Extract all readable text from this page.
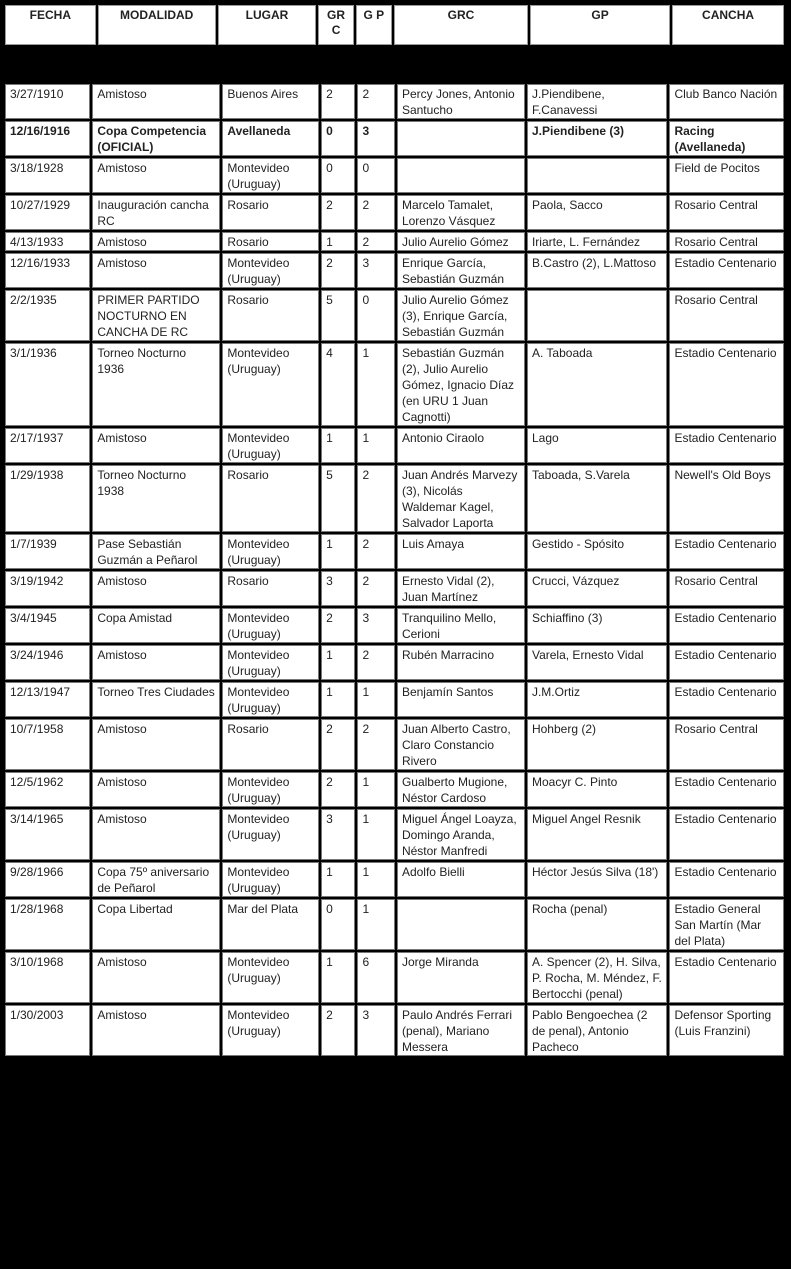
FECHA	MODALIDAD	LUGAR	GR C	G P	GRC	GP	CANCHA
3/27/1910	Amistoso	Buenos Aires	2	2	Percy Jones, Antonio Santucho	J.Piendibene, F.Canavessi	Club Banco Nación
12/16/1916	Copa Competencia (OFICIAL)	Avellaneda	0	3		J.Piendibene (3)	Racing (Avellaneda)
3/18/1928	Amistoso	Montevideo (Uruguay)	0	0			Field de Pocitos
10/27/1929	Inauguración cancha RC	Rosario	2	2	Marcelo Tamalet, Lorenzo Vásquez	Paola, Sacco	Rosario Central
4/13/1933	Amistoso	Rosario	1	2	Julio Aurelio Gómez	Iriarte, L. Fernández	Rosario Central
12/16/1933	Amistoso	Montevideo (Uruguay)	2	3	Enrique García, Sebastián Guzmán	B.Castro (2), L.Mattoso	Estadio Centenario
2/2/1935	PRIMER PARTIDO NOCTURNO EN CANCHA DE RC	Rosario	5	0	Julio Aurelio Gómez (3), Enrique García, Sebastián Guzmán		Rosario Central
3/1/1936	Torneo Nocturno 1936	Montevideo (Uruguay)	4	1	Sebastián Guzmán (2), Julio Aurelio Gómez, Ignacio Díaz (en URU 1 Juan Cagnotti)	A. Taboada	Estadio Centenario
2/17/1937	Amistoso	Montevideo (Uruguay)	1	1	Antonio Ciraolo	Lago	Estadio Centenario
1/29/1938	Torneo Nocturno 1938	Rosario	5	2	Juan Andrés Marvezy (3), Nicolás Waldemar Kagel, Salvador Laporta	Taboada, S.Varela	Newell's Old Boys
1/7/1939	Pase Sebastián Guzmán a Peñarol	Montevideo (Uruguay)	1	2	Luis Amaya	Gestido - Spósito	Estadio Centenario
3/19/1942	Amistoso	Rosario	3	2	Ernesto Vidal (2), Juan Martínez	Crucci, Vázquez	Rosario Central
3/4/1945	Copa Amistad	Montevideo (Uruguay)	2	3	Tranquilino Mello, Cerioni	Schiaffino (3)	Estadio Centenario
3/24/1946	Amistoso	Montevideo (Uruguay)	1	2	Rubén Marracino	Varela, Ernesto Vidal	Estadio Centenario
12/13/1947	Torneo Tres Ciudades	Montevideo (Uruguay)	1	1	Benjamín Santos	J.M.Ortiz	Estadio Centenario
10/7/1958	Amistoso	Rosario	2	2	Juan Alberto Castro, Claro Constancio Rivero	Hohberg (2)	Rosario Central
12/5/1962	Amistoso	Montevideo (Uruguay)	2	1	Gualberto Mugione, Néstor Cardoso	Moacyr C. Pinto	Estadio Centenario
3/14/1965	Amistoso	Montevideo (Uruguay)	3	1	Miguel Ángel Loayza, Domingo Aranda, Néstor Manfredi	Miguel Angel Resnik	Estadio Centenario
9/28/1966	Copa 75º aniversario de Peñarol	Montevideo (Uruguay)	1	1	Adolfo Bielli	Héctor Jesús Silva (18')	Estadio Centenario
1/28/1968	Copa Libertad	Mar del Plata	0	1		Rocha (penal)	Estadio General San Martín (Mar del Plata)
3/10/1968	Amistoso	Montevideo (Uruguay)	1	6	Jorge Miranda	A. Spencer (2), H. Silva, P. Rocha, M. Méndez, F. Bertocchi (penal)	Estadio Centenario
1/30/2003	Amistoso	Montevideo (Uruguay)	2	3	Paulo Andrés Ferrari (penal), Mariano Messera	Pablo Bengoechea (2 de penal), Antonio Pacheco	Defensor Sporting (Luis Franzini)
